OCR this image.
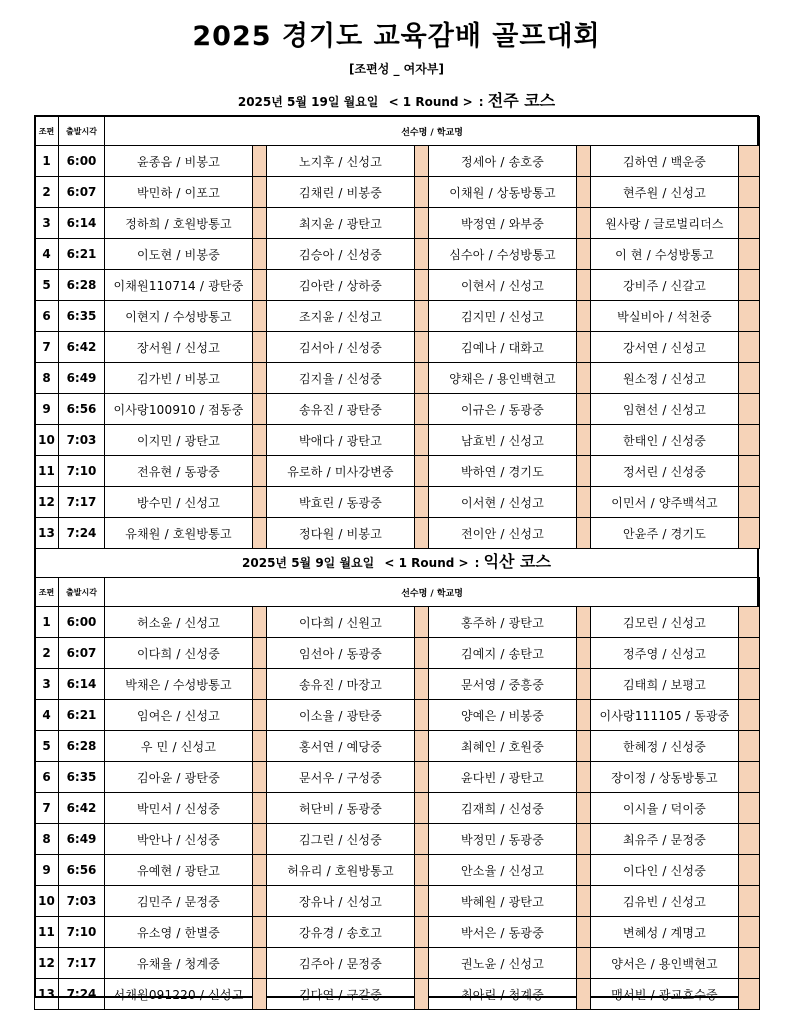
2025 경기도 교육감배 골프대회
[조편성 _ 여자부]
2025년 5월 19일 월요일 < 1 Round > : 전주 코스
조편	출발시각	선수명 / 학교명							
1	6:00	윤종음 / 비봉고		노지후 / 신성고		정세아 / 송호중		김하연 / 백운중	
2	6:07	박민하 / 이포고		김채린 / 비봉중		이채원 / 상동방통고		현주원 / 신성고	
3	6:14	정하희 / 호원방통고		최지윤 / 광탄고		박정연 / 와부중		원사랑 / 글로벌리더스	
4	6:21	이도현 / 비봉중		김승아 / 신성중		심수아 / 수성방통고		이 현 / 수성방통고	
5	6:28	이채원110714 / 광탄중		김아란 / 상하중		이현서 / 신성고		강비주 / 신갈고	
6	6:35	이현지 / 수성방통고		조지윤 / 신성고		김지민 / 신성고		박실비아 / 석천중	
7	6:42	장서원 / 신성고		김서아 / 신성중		김예나 / 대화고		강서연 / 신성고	
8	6:49	김가빈 / 비봉고		김지율 / 신성중		양채은 / 용인백현고		원소정 / 신성고	
9	6:56	이사랑100910 / 점동중		송유진 / 광탄중		이규은 / 동광중		임현선 / 신성고	
10	7:03	이지민 / 광탄고		박애다 / 광탄고		남효빈 / 신성고		한태인 / 신성중	
11	7:10	전유현 / 동광중		유로하 / 미사강변중		박하연 / 경기도		정서린 / 신성중	
12	7:17	방수민 / 신성고		박효린 / 동광중		이서현 / 신성고		이민서 / 양주백석고	
13	7:24	유채원 / 호원방통고		정다원 / 비봉고		전이안 / 신성고		안윤주 / 경기도	
2025년 5월 9일 월요일 < 1 Round > : 익산 코스
조편	출발시각	선수명 / 학교명							
1	6:00	허소윤 / 신성고		이다희 / 신원고		홍주하 / 광탄고		김모린 / 신성고	
2	6:07	이다희 / 신성중		임선아 / 동광중		김예지 / 송탄고		정주영 / 신성고	
3	6:14	박채은 / 수성방통고		송유진 / 마장고		문서영 / 중흥중		김태희 / 보평고	
4	6:21	임여은 / 신성고		이소율 / 광탄중		양예은 / 비봉중		이사랑111105 / 동광중	
5	6:28	우 민 / 신성고		홍서연 / 예당중		최혜인 / 호원중		한혜정 / 신성중	
6	6:35	김아윤 / 광탄중		문서우 / 구성중		윤다빈 / 광탄고		장이정 / 상동방통고	
7	6:42	박민서 / 신성중		허단비 / 동광중		김재희 / 신성중		이시율 / 덕이중	
8	6:49	박안나 / 신성중		김그린 / 신성중		박정민 / 동광중		최유주 / 문정중	
9	6:56	유예현 / 광탄고		허유리 / 호원방통고		안소율 / 신성고		이다인 / 신성중	
10	7:03	김민주 / 문정중		장유나 / 신성고		박혜원 / 광탄고		김유빈 / 신성고	
11	7:10	유소영 / 한별중		강유경 / 송호고		박서은 / 동광중		변혜성 / 계명고	
12	7:17	유채율 / 청계중		김주아 / 문정중		권노윤 / 신성고		양서은 / 용인백현고	
13	7:24	서채원091220 / 신성고		김다연 / 구갈중		최아린 / 청계중		맹서빈 / 광교호수중	
